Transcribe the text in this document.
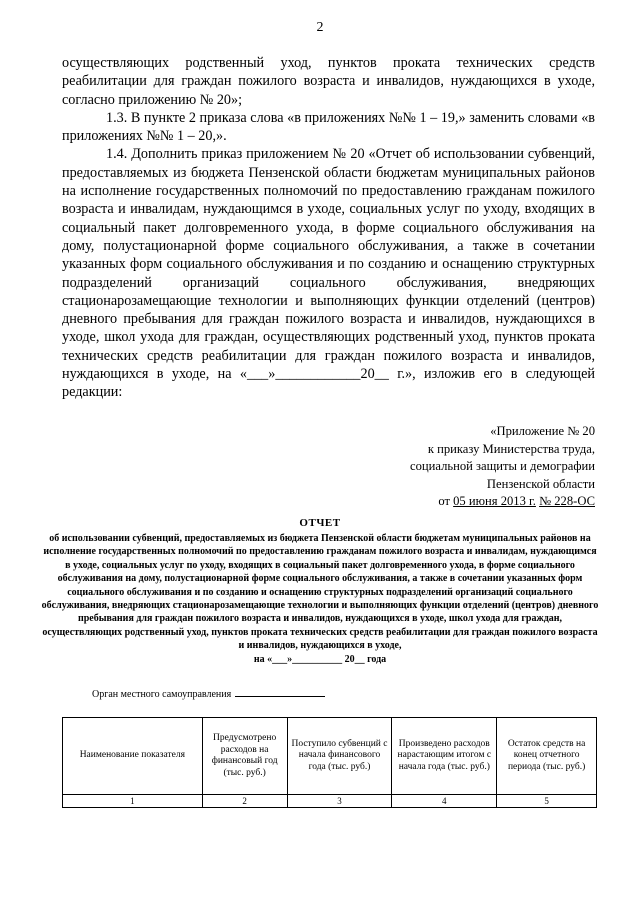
2

осуществляющих родственный уход, пунктов проката технических средств реабилитации для граждан пожилого возраста и инвалидов, нуждающихся в уходе, согласно приложению № 20»;

1.3. В пункте 2 приказа слова «в приложениях №№ 1 – 19,» заменить словами «в приложениях №№ 1 – 20,».

1.4. Дополнить приказ приложением № 20 «Отчет об использовании субвенций, предоставляемых из бюджета Пензенской области бюджетам муниципальных районов на исполнение государственных полномочий по предоставлению гражданам пожилого возраста и инвалидам, нуждающимся в уходе, социальных услуг по уходу, входящих в социальный пакет долговременного ухода, в форме социального обслуживания на дому, полустационарной форме социального обслуживания, а также в сочетании указанных форм социального обслуживания и по созданию и оснащению структурных подразделений организаций социального обслуживания, внедряющих стационарозамещающие технологии и выполняющих функции отделений (центров) дневного пребывания для граждан пожилого возраста и инвалидов, нуждающихся в уходе, школ ухода для граждан, осуществляющих родственный уход, пунктов проката технических средств реабилитации для граждан пожилого возраста и инвалидов, нуждающихся в уходе, на «___»____________20__ г.», изложив его в следующей редакции:

«Приложение № 20
к приказу Министерства труда,
социальной защиты и демографии
Пензенской области
от 05 июня 2013 г. № 228-ОС
ОТЧЕТ
об использовании субвенций, предоставляемых из бюджета Пензенской области бюджетам муниципальных районов на исполнение государственных полномочий по предоставлению гражданам пожилого возраста и инвалидам, нуждающимся в уходе, социальных услуг по уходу, входящих в социальный пакет долговременного ухода, в форме социального обслуживания на дому, полустационарной форме социального обслуживания, а также в сочетании указанных форм социального обслуживания и по созданию и оснащению структурных подразделений организаций социального обслуживания, внедряющих стационарозамещающие технологии и выполняющих функции отделений (центров) дневного пребывания для граждан пожилого возраста и инвалидов, нуждающихся в уходе, школ ухода для граждан, осуществляющих родственный уход, пунктов проката технических средств реабилитации для граждан пожилого возраста и инвалидов, нуждающихся в уходе,
на «___»__________ 20__ года
Орган местного самоуправления
Наименование показателя	Предусмотрено расходов на финансовый год (тыс. руб.)	Поступило субвенций с начала финансового года (тыс. руб.)	Произведено расходов нарастающим итогом с начала года (тыс. руб.)	Остаток средств на конец отчетного периода (тыс. руб.)
1	2	3	4	5
